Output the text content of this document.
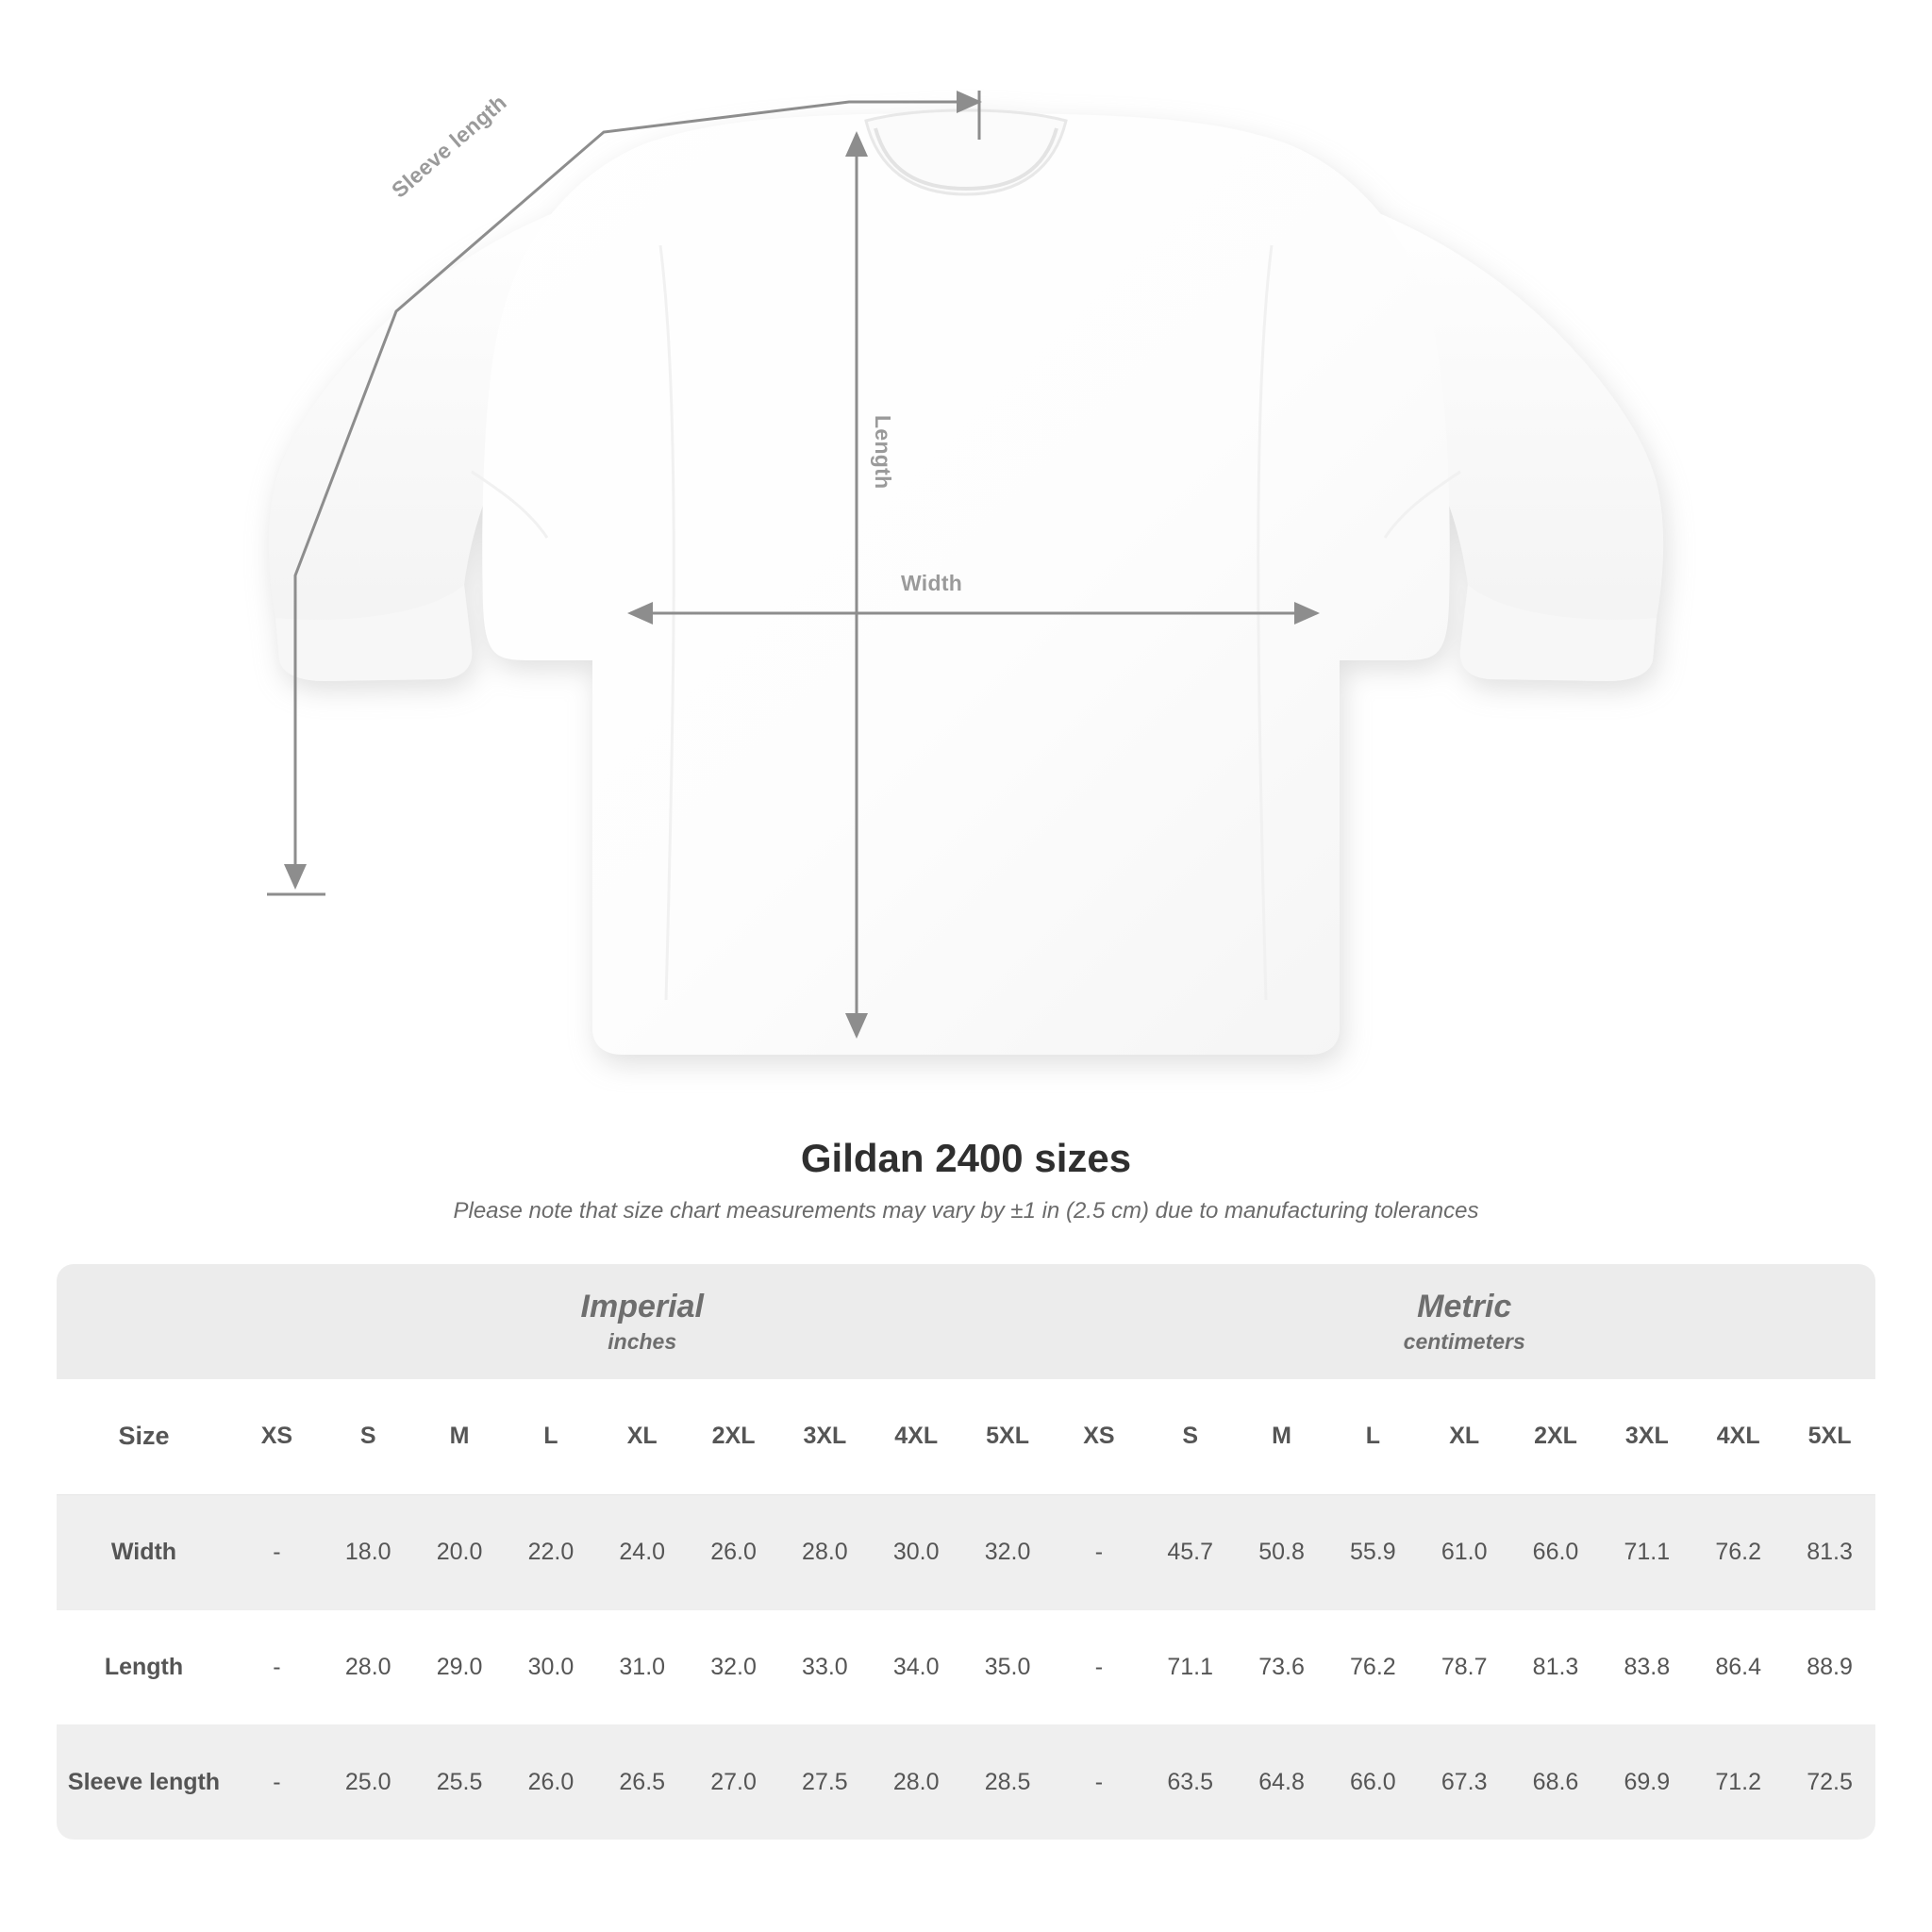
Length
Width
Sleeve length
Gildan 2400 sizes

Please note that size chart measurements may vary by ±1 in (2.5 cm) due to manufacturing tolerances

	Imperial
inches									Metric
centimeters								

Size	XS	S	M	L	XL	2XL	3XL	4XL	5XL	XS	S	M	L	XL	2XL	3XL	4XL	5XL
Width	-	18.0	20.0	22.0	24.0	26.0	28.0	30.0	32.0	-	45.7	50.8	55.9	61.0	66.0	71.1	76.2	81.3
Length	-	28.0	29.0	30.0	31.0	32.0	33.0	34.0	35.0	-	71.1	73.6	76.2	78.7	81.3	83.8	86.4	88.9
Sleeve length	-	25.0	25.5	26.0	26.5	27.0	27.5	28.0	28.5	-	63.5	64.8	66.0	67.3	68.6	69.9	71.2	72.5
